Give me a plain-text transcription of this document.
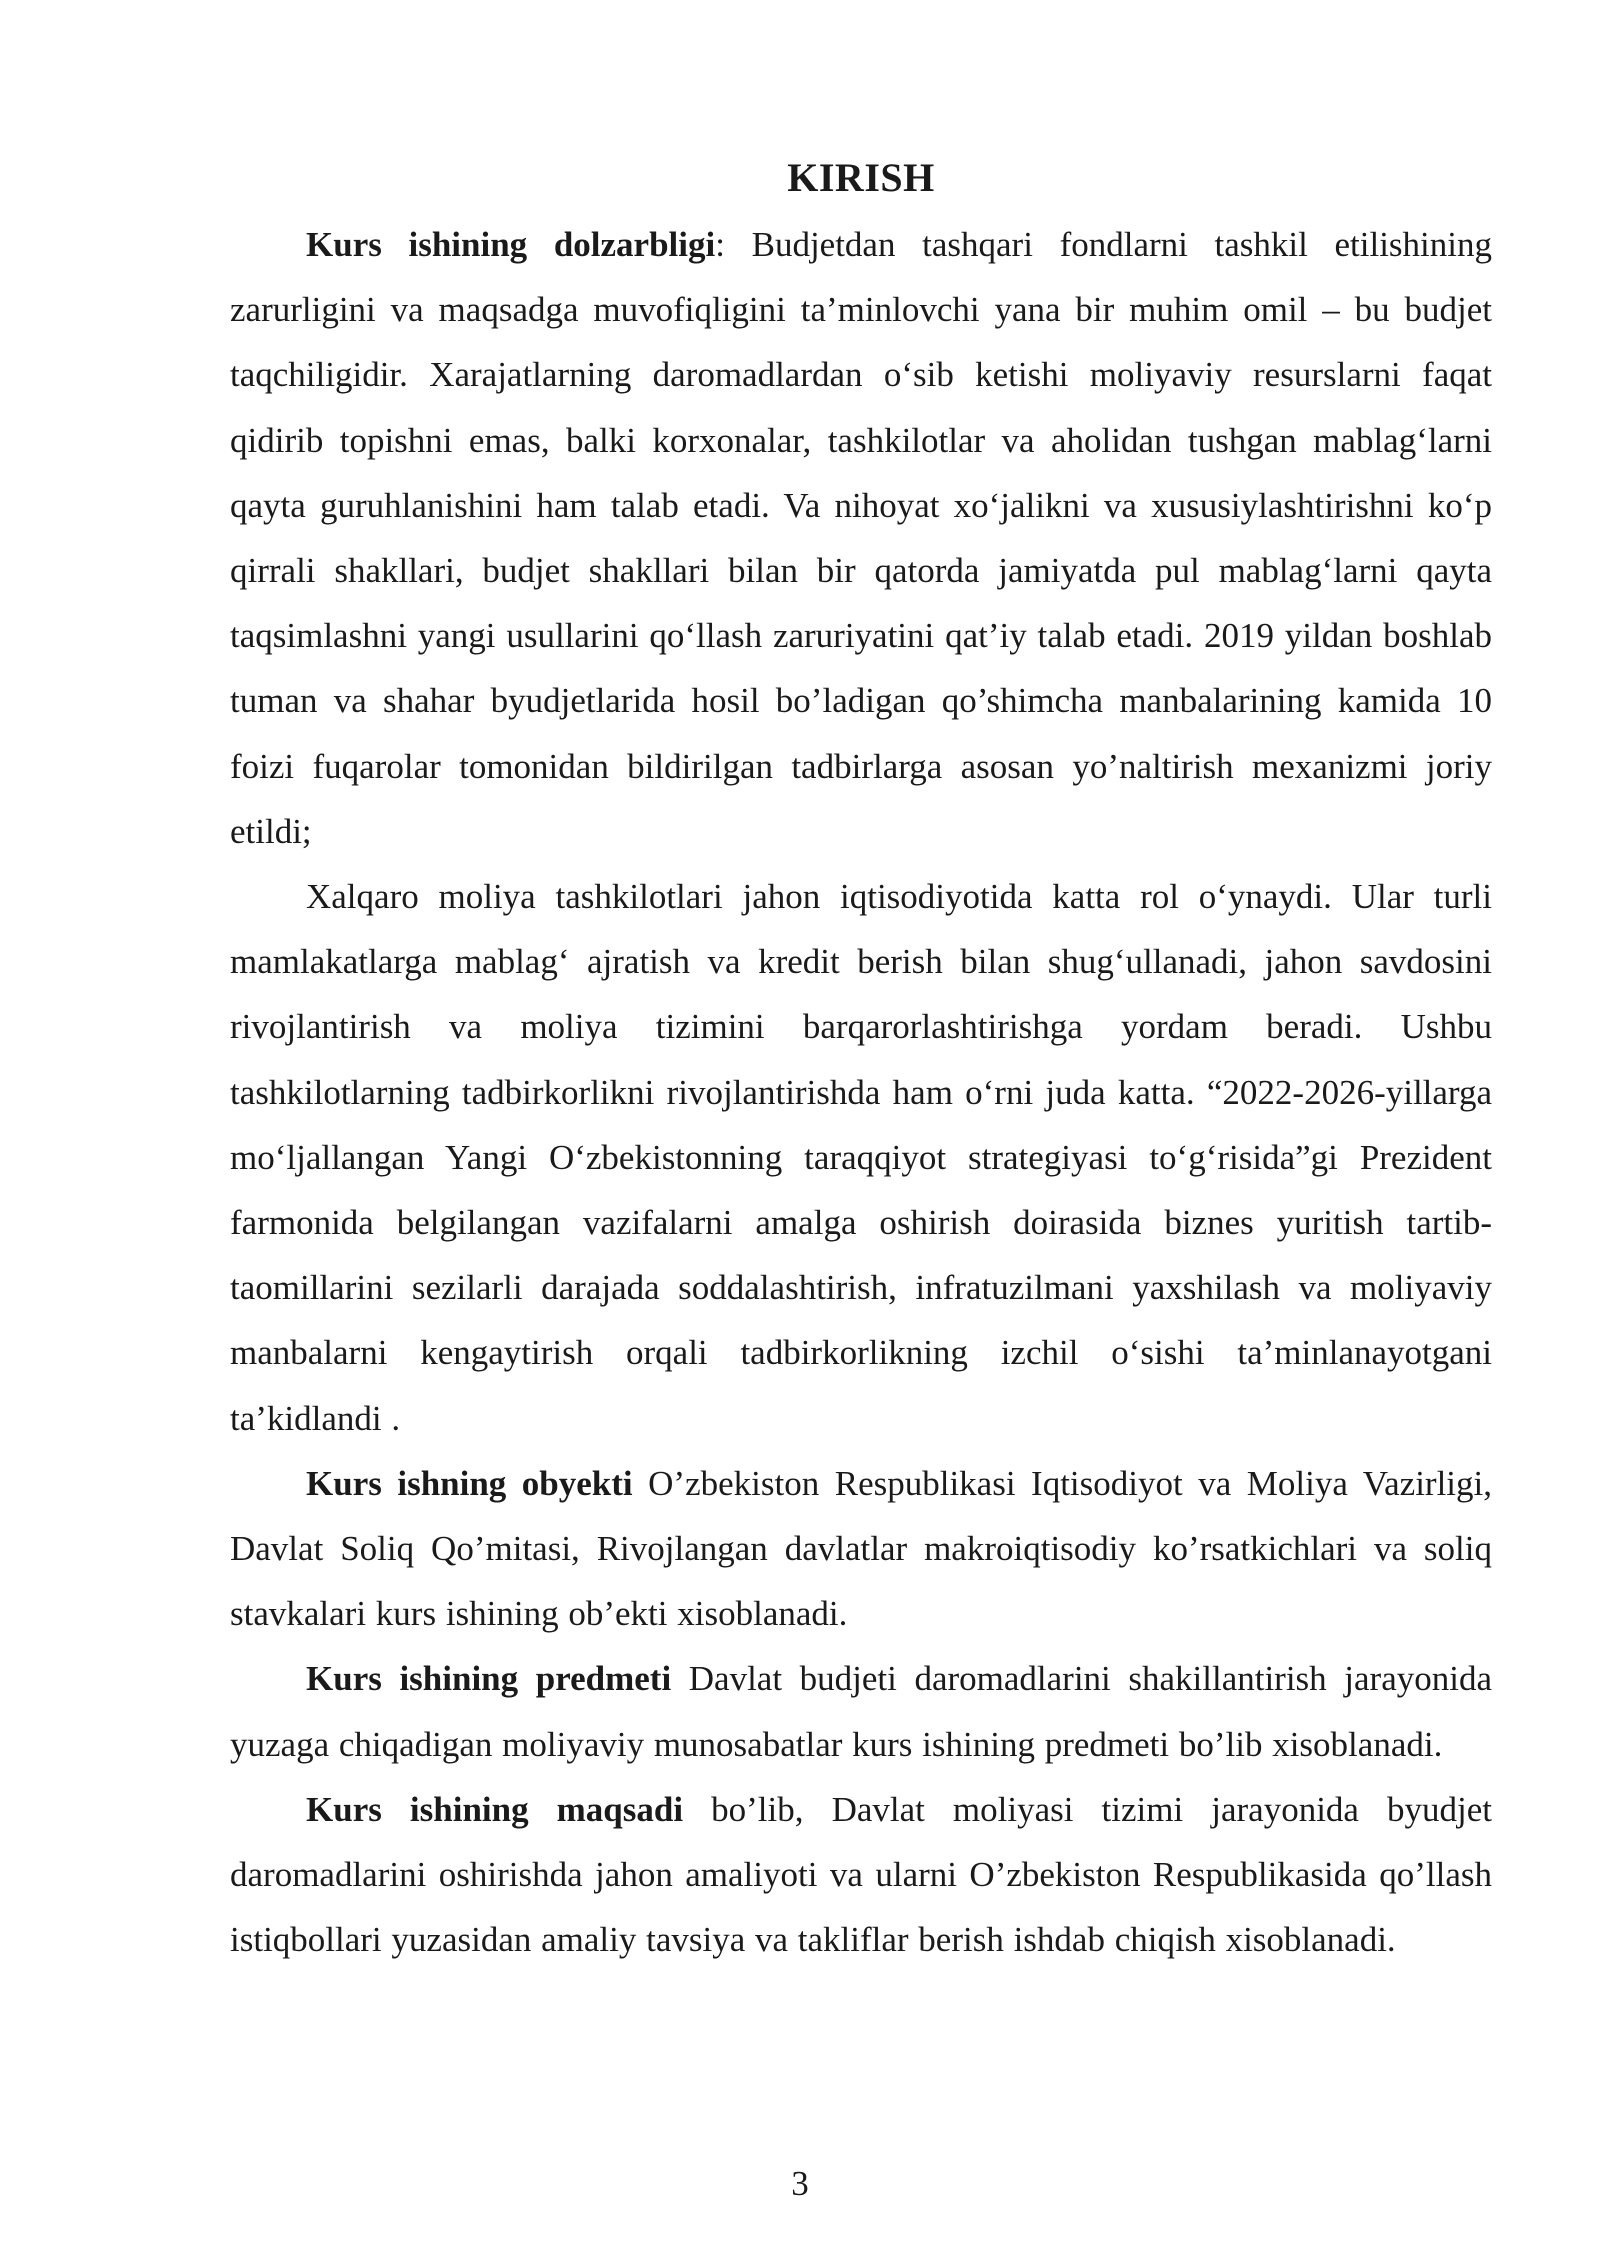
KIRISH

Kurs ishining dolzarbligi: Budjetdan tashqari fondlarni tashkil etilishining zarurligini va maqsadga muvofiqligini ta’minlovchi yana bir muhim omil – bu budjet taqchiligidir. Xarajatlarning daromadlardan o‘sib ketishi moliyaviy resurslarni faqat qidirib topishni emas, balki korxonalar, tashkilotlar va aholidan tushgan mablag‘larni qayta guruhlanishini ham talab etadi. Va nihoyat xo‘jalikni va xususiylashtirishni ko‘p qirrali shakllari, budjet shakllari bilan bir qatorda jamiyatda pul mablag‘larni qayta taqsimlashni yangi usullarini qo‘llash zaruriyatini qat’iy talab etadi. 2019 yildan boshlab tuman va shahar byudjetlarida hosil bo’ladigan qo’shimcha manbalarining kamida 10 foizi fuqarolar tomonidan bildirilgan tadbirlarga asosan yo’naltirish mexanizmi joriy etildi;

Xalqaro moliya tashkilotlari jahon iqtisodiyotida katta rol o‘ynaydi. Ular turli mamlakatlarga mablag‘ ajratish va kredit berish bilan shug‘ullanadi, jahon savdosini rivojlantirish va moliya tizimini barqarorlashtirishga yordam beradi. Ushbu tashkilotlarning tadbirkorlikni rivojlantirishda ham o‘rni juda katta. “2022-2026-yillarga mo‘ljallangan Yangi O‘zbekistonning taraqqiyot strategiyasi to‘g‘risida”gi Prezident farmonida belgilangan vazifalarni amalga oshirish doirasida biznes yuritish tartib-taomillarini sezilarli darajada soddalashtirish, infratuzilmani yaxshilash va moliyaviy manbalarni kengaytirish orqali tadbirkorlikning izchil o‘sishi ta’minlanayotgani ta’kidlandi .

Kurs ishning obyekti O’zbekiston Respublikasi Iqtisodiyot va Moliya Vazirligi, Davlat Soliq Qo’mitasi, Rivojlangan davlatlar makroiqtisodiy ko’rsatkichlari va soliq stavkalari kurs ishining ob’ekti xisoblanadi.

Kurs ishining predmeti Davlat budjeti daromadlarini shakillantirish jarayonida yuzaga chiqadigan moliyaviy munosabatlar kurs ishining predmeti bo’lib xisoblanadi.

Kurs ishining maqsadi bo’lib, Davlat moliyasi tizimi jarayonida byudjet daromadlarini oshirishda jahon amaliyoti va ularni O’zbekiston Respublikasida qo’llash istiqbollari yuzasidan amaliy tavsiya va takliflar berish ishdab chiqish xisoblanadi.

3
